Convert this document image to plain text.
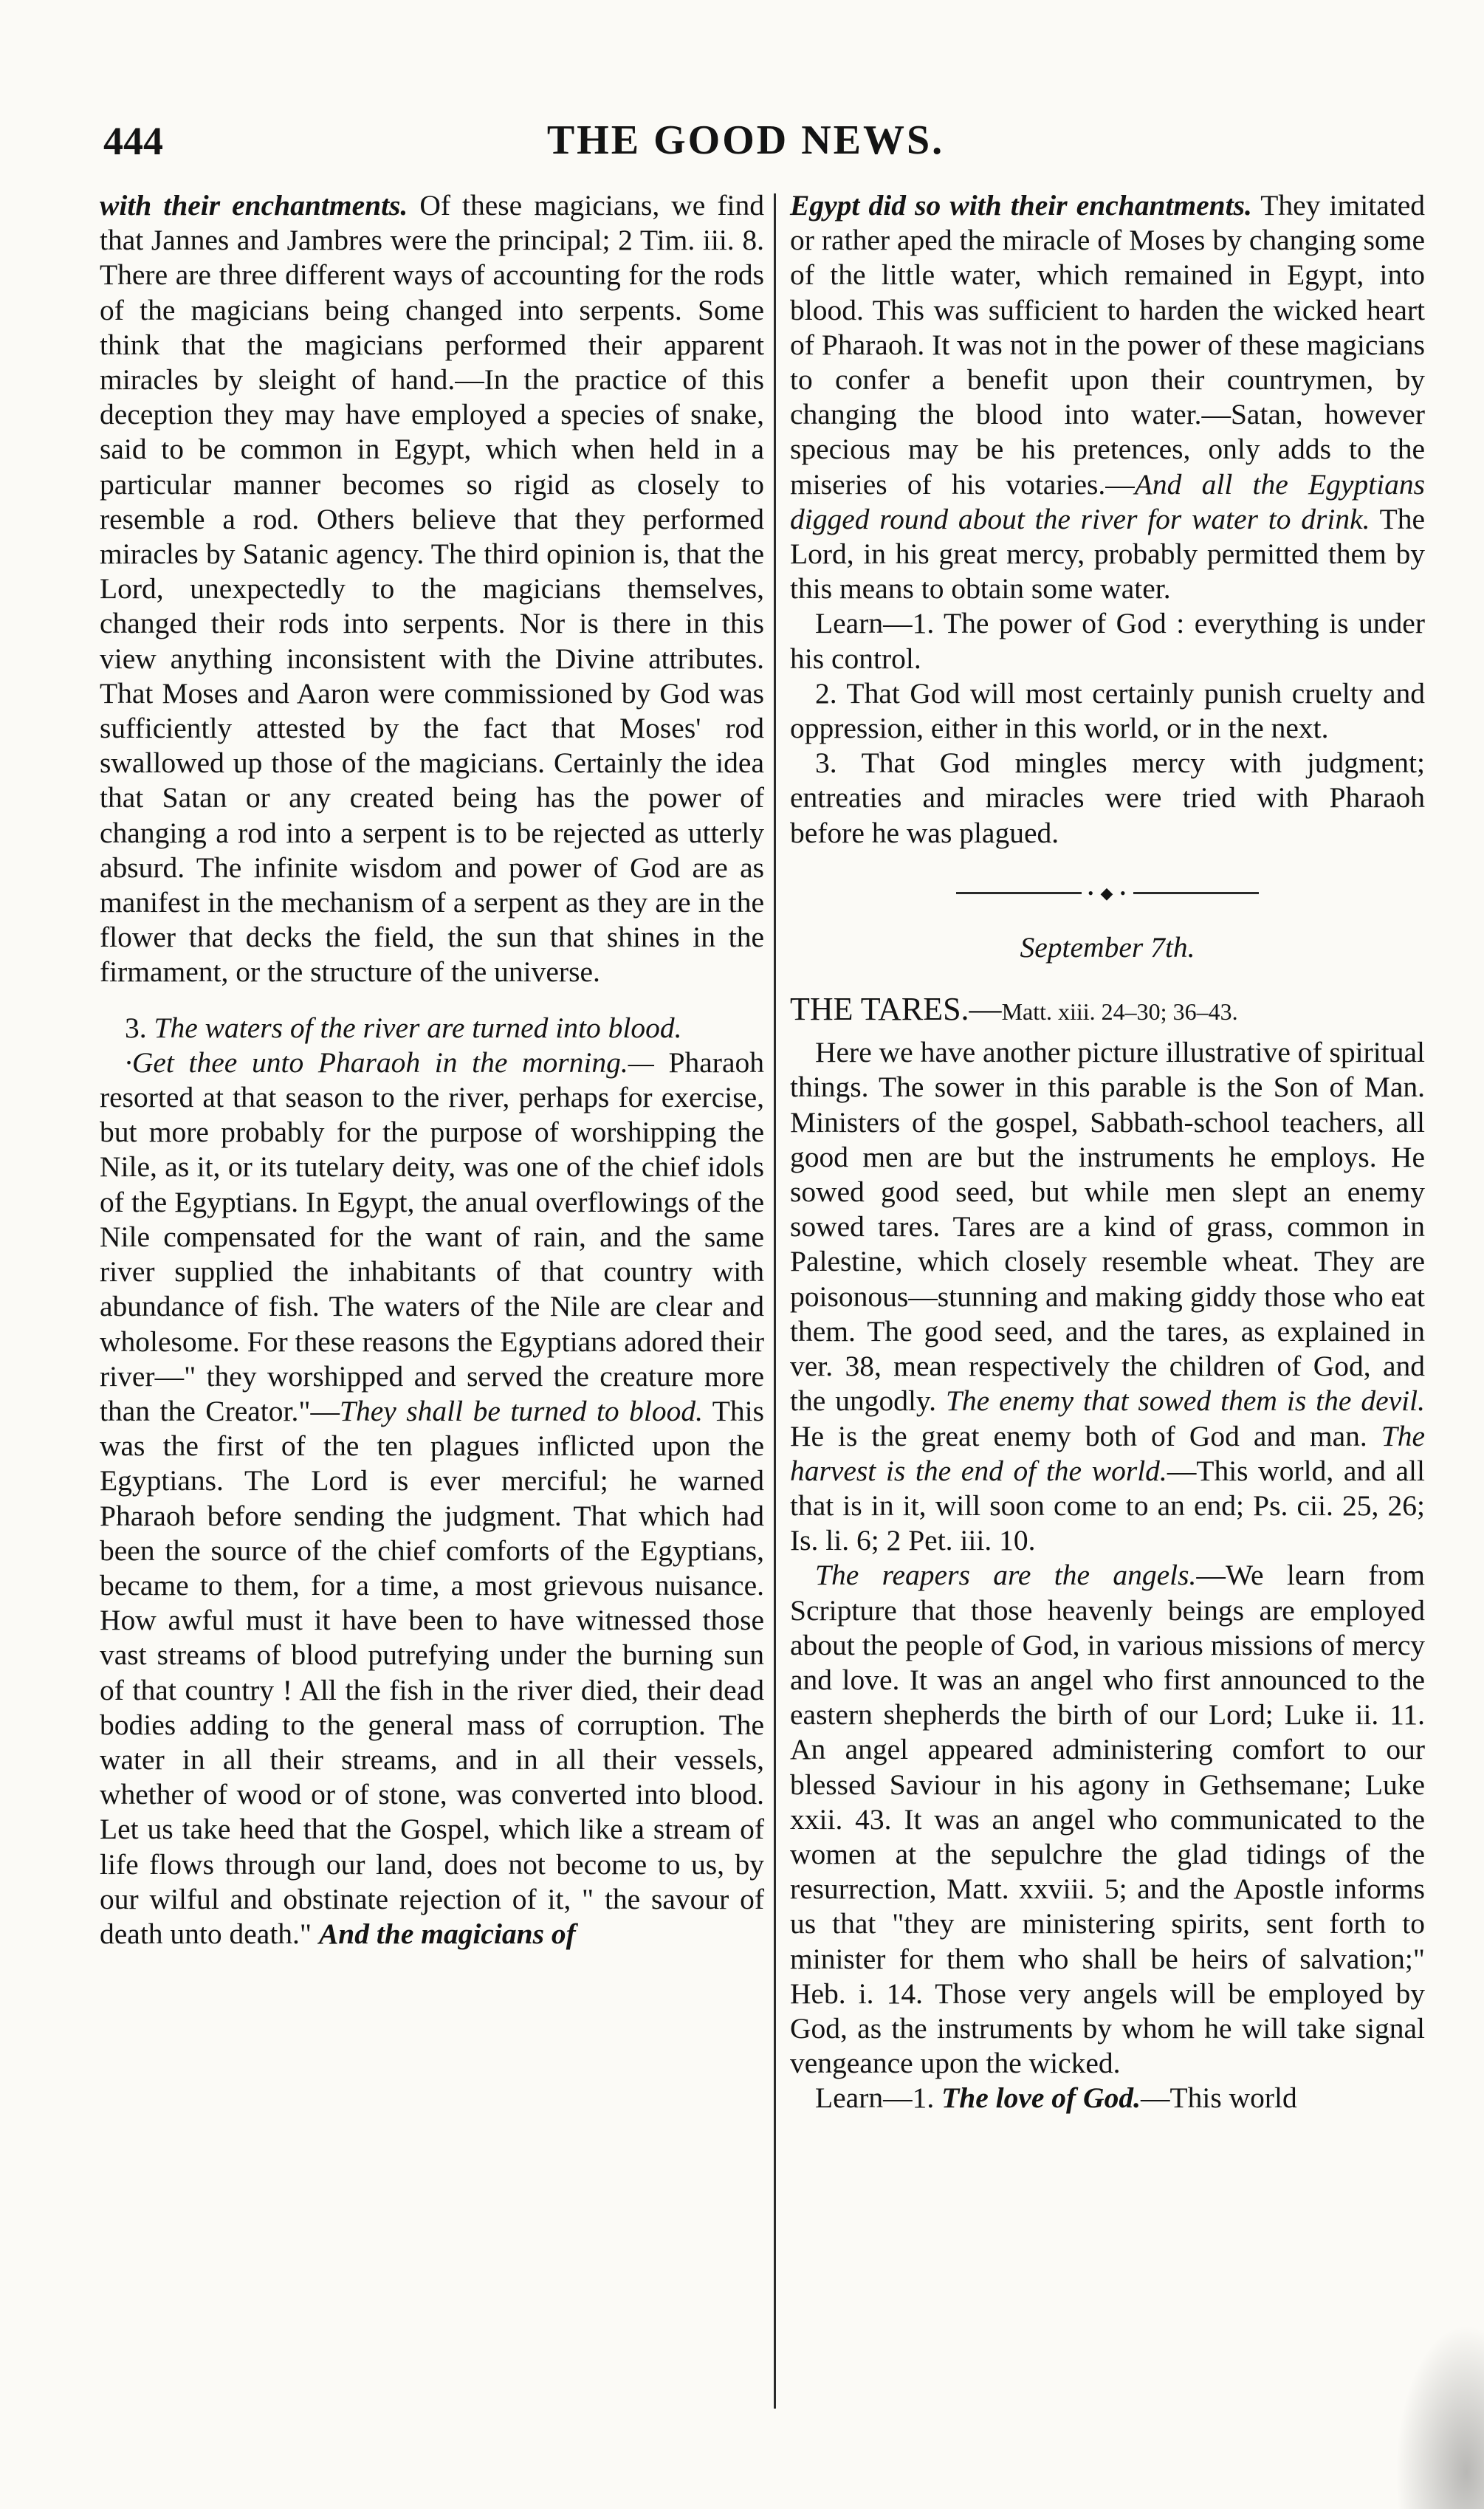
444	THE GOOD NEWS.

with their enchantments. Of these magicians, we find that Jannes and Jambres were the principal; 2 Tim. iii. 8. There are three different ways of accounting for the rods of the magicians being changed into serpents. Some think that the magicians performed their apparent miracles by sleight of hand.—In the practice of this deception they may have employed a species of snake, said to be common in Egypt, which when held in a particular manner becomes so rigid as closely to resemble a rod. Others believe that they performed miracles by Satanic agency. The third opinion is, that the Lord, unexpectedly to the magicians themselves, changed their rods into serpents. Nor is there in this view anything inconsistent with the Divine attributes. That Moses and Aaron were commissioned by God was sufficiently attested by the fact that Moses' rod swallowed up those of the magicians. Certainly the idea that Satan or any created being has the power of changing a rod into a serpent is to be rejected as utterly absurd. The infinite wisdom and power of God are as manifest in the mechanism of a serpent as they are in the flower that decks the field, the sun that shines in the firmament, or the structure of the universe.

3. The waters of the river are turned into blood.

·Get thee unto Pharaoh in the morning.— Pharaoh resorted at that season to the river, perhaps for exercise, but more probably for the purpose of worshipping the Nile, as it, or its tutelary deity, was one of the chief idols of the Egyptians. In Egypt, the anual overflowings of the Nile compensated for the want of rain, and the same river supplied the inhabitants of that country with abundance of fish. The waters of the Nile are clear and wholesome. For these reasons the Egyptians adored their river—" they worshipped and served the creature more than the Creator."—They shall be turned to blood. This was the first of the ten plagues inflicted upon the Egyptians. The Lord is ever merciful; he warned Pharaoh before sending the judgment. That which had been the source of the chief comforts of the Egyptians, became to them, for a time, a most grievous nuisance. How awful must it have been to have witnessed those vast streams of blood putrefying under the burning sun of that country ! All the fish in the river died, their dead bodies adding to the general mass of corruption. The water in all their streams, and in all their vessels, whether of wood or of stone, was converted into blood. Let us take heed that the Gospel, which like a stream of life flows through our land, does not become to us, by our wilful and obstinate rejection of it, " the savour of death unto death." And the magicians of

Egypt did so with their enchantments. They imitated or rather aped the miracle of Moses by changing some of the little water, which remained in Egypt, into blood. This was sufficient to harden the wicked heart of Pharaoh. It was not in the power of these magicians to confer a benefit upon their countrymen, by changing the blood into water.—Satan, however specious may be his pretences, only adds to the miseries of his votaries.—And all the Egyptians digged round about the river for water to drink. The Lord, in his great mercy, probably permitted them by this means to obtain some water.

Learn—1. The power of God : everything is under his control.

2. That God will most certainly punish cruelty and oppression, either in this world, or in the next.

3. That God mingles mercy with judgment; entreaties and miracles were tried with Pharaoh before he was plagued.

• ◆ •

September 7th.

THE TARES.—Matt. xiii. 24–30; 36–43.

Here we have another picture illustrative of spiritual things. The sower in this parable is the Son of Man. Ministers of the gospel, Sabbath-school teachers, all good men are but the instruments he employs. He sowed good seed, but while men slept an enemy sowed tares. Tares are a kind of grass, common in Palestine, which closely resemble wheat. They are poisonous—stunning and making giddy those who eat them. The good seed, and the tares, as explained in ver. 38, mean respectively the children of God, and the ungodly. The enemy that sowed them is the devil. He is the great enemy both of God and man. The harvest is the end of the world.—This world, and all that is in it, will soon come to an end; Ps. cii. 25, 26; Is. li. 6; 2 Pet. iii. 10.

The reapers are the angels.—We learn from Scripture that those heavenly beings are employed about the people of God, in various missions of mercy and love. It was an angel who first announced to the eastern shepherds the birth of our Lord; Luke ii. 11. An angel appeared administering comfort to our blessed Saviour in his agony in Gethsemane; Luke xxii. 43. It was an angel who communicated to the women at the sepulchre the glad tidings of the resurrection, Matt. xxviii. 5; and the Apostle informs us that "they are ministering spirits, sent forth to minister for them who shall be heirs of salvation;" Heb. i. 14. Those very angels will be employed by God, as the instruments by whom he will take signal vengeance upon the wicked.

Learn—1. The love of God.—This world
